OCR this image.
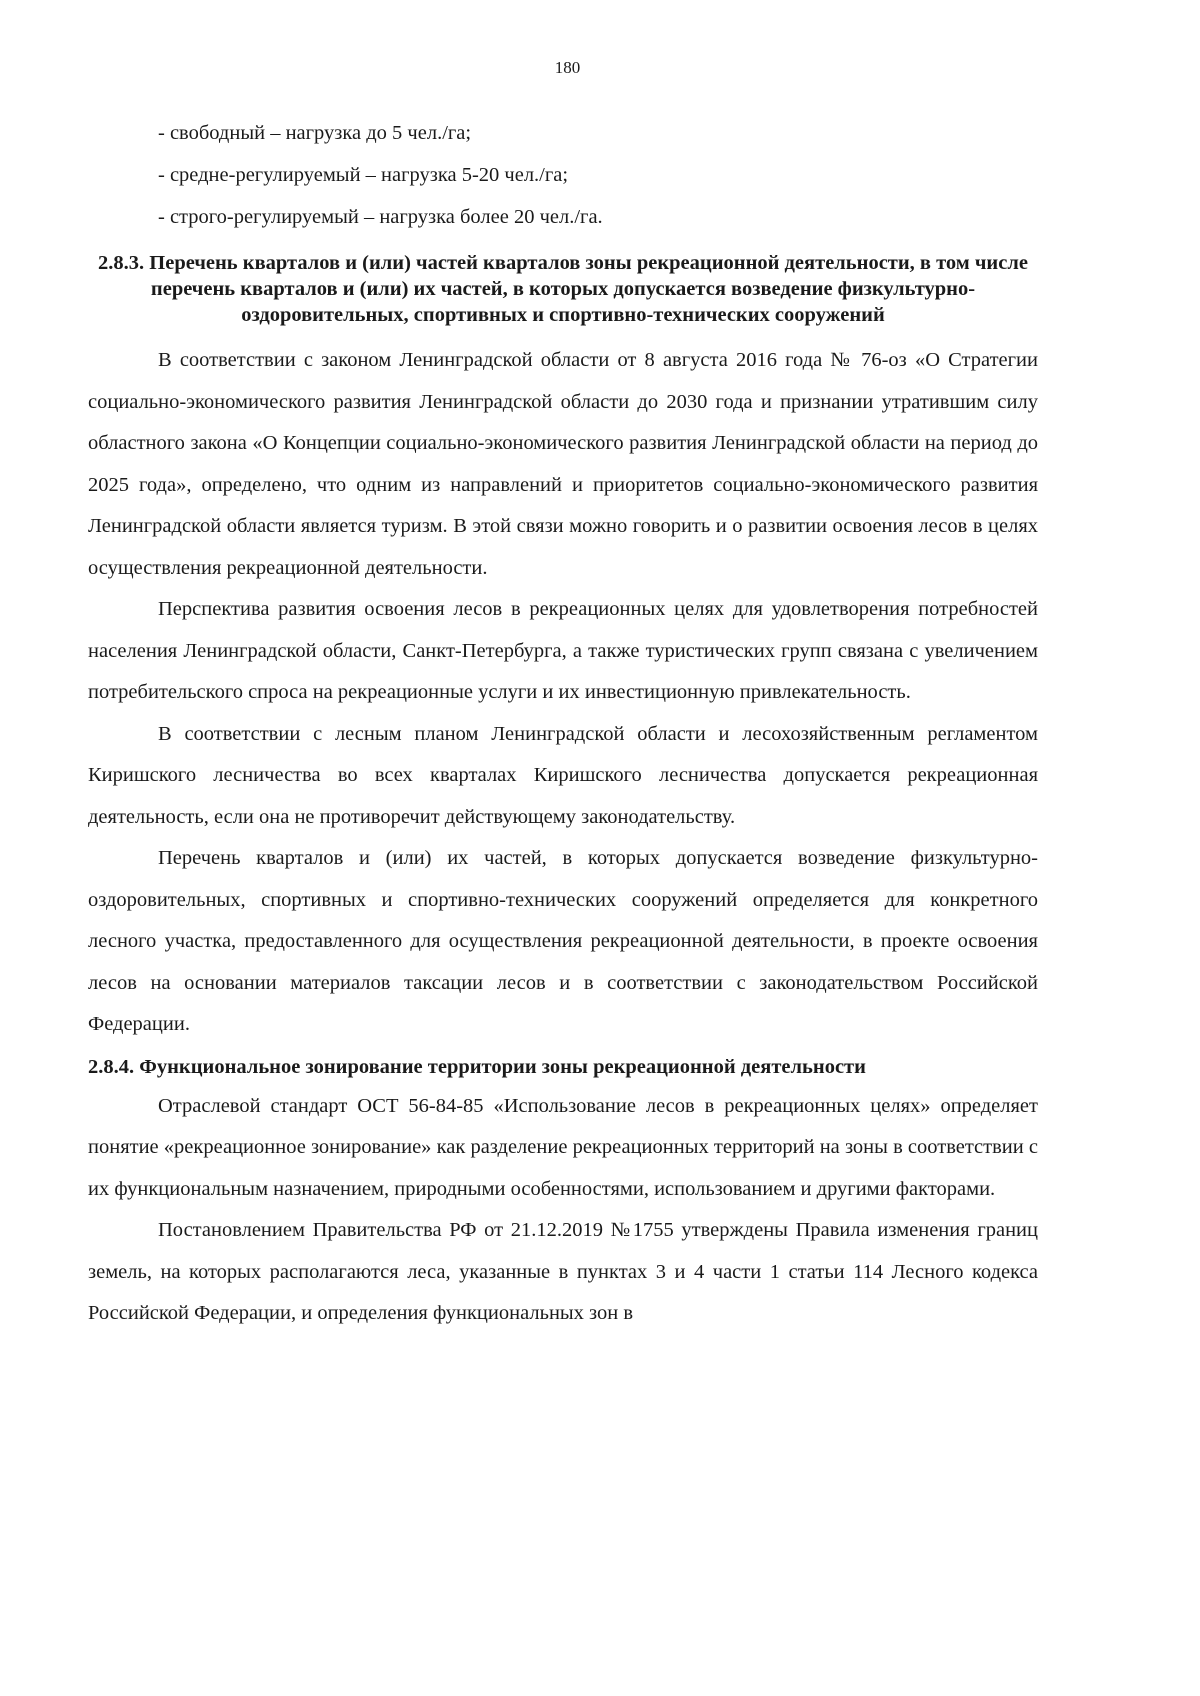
180
- свободный – нагрузка до 5 чел./га;
- средне-регулируемый – нагрузка 5-20 чел./га;
- строго-регулируемый – нагрузка более 20 чел./га.
2.8.3. Перечень кварталов и (или) частей кварталов зоны рекреационной деятельности, в том числе перечень кварталов и (или) их частей, в которых допускается возведение физкультурно-оздоровительных, спортивных и спортивно-технических сооружений

В соответствии с законом Ленинградской области от 8 августа 2016 года № 76-оз «О Стратегии социально-экономического развития Ленинградской области до 2030 года и признании утратившим силу областного закона «О Концепции социально-экономического развития Ленинградской области на период до 2025 года», определено, что одним из направлений и приоритетов социально-экономического развития Ленинградской области является туризм. В этой связи можно говорить и о развитии освоения лесов в целях осуществления рекреационной деятельности.

Перспектива развития освоения лесов в рекреационных целях для удовлетворения потребностей населения Ленинградской области, Санкт-Петербурга, а также туристических групп связана с увеличением потребительского спроса на рекреационные услуги и их инвестиционную привлекательность.

В соответствии с лесным планом Ленинградской области и лесохозяйственным регламентом Киришского лесничества во всех кварталах Киришского лесничества допускается рекреационная деятельность, если она не противоречит действующему законодательству.

Перечень кварталов и (или) их частей, в которых допускается возведение физкультурно-оздоровительных, спортивных и спортивно-технических сооружений определяется для конкретного лесного участка, предоставленного для осуществления рекреационной деятельности, в проекте освоения лесов на основании материалов таксации лесов и в соответствии с законодательством Российской Федерации.

2.8.4. Функциональное зонирование территории зоны рекреационной деятельности

Отраслевой стандарт ОСТ 56-84-85 «Использование лесов в рекреационных целях» определяет понятие «рекреационное зонирование» как разделение рекреационных территорий на зоны в соответствии с их функциональным назначением, природными особенностями, использованием и другими факторами.

Постановлением Правительства РФ от 21.12.2019 №1755 утверждены Правила изменения границ земель, на которых располагаются леса, указанные в пунктах 3 и 4 части 1 статьи 114 Лесного кодекса Российской Федерации, и определения функциональных зон в
